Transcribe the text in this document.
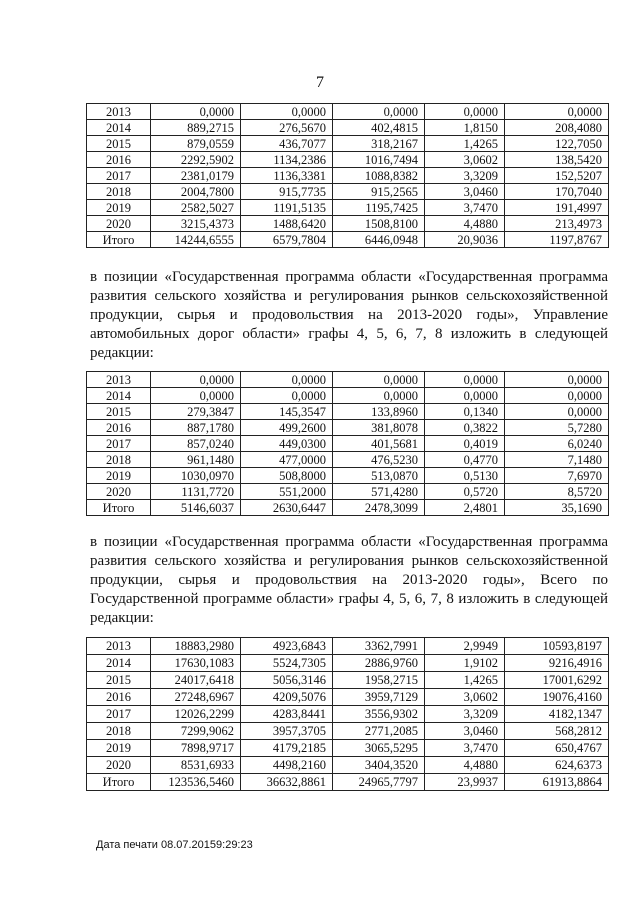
7
2013	0,0000	0,0000	0,0000	0,0000	0,0000
2014	889,2715	276,5670	402,4815	1,8150	208,4080
2015	879,0559	436,7077	318,2167	1,4265	122,7050
2016	2292,5902	1134,2386	1016,7494	3,0602	138,5420
2017	2381,0179	1136,3381	1088,8382	3,3209	152,5207
2018	2004,7800	915,7735	915,2565	3,0460	170,7040
2019	2582,5027	1191,5135	1195,7425	3,7470	191,4997
2020	3215,4373	1488,6420	1508,8100	4,4880	213,4973
Итого	14244,6555	6579,7804	6446,0948	20,9036	1197,8767

в позиции «Государственная программа области «Государственная программа развития сельского хозяйства и регулирования рынков сельскохозяйственной продукции, сырья и продовольствия на 2013-2020 годы», Управление автомобильных дорог области» графы 4, 5, 6, 7, 8 изложить в следующей редакции:

2013	0,0000	0,0000	0,0000	0,0000	0,0000
2014	0,0000	0,0000	0,0000	0,0000	0,0000
2015	279,3847	145,3547	133,8960	0,1340	0,0000
2016	887,1780	499,2600	381,8078	0,3822	5,7280
2017	857,0240	449,0300	401,5681	0,4019	6,0240
2018	961,1480	477,0000	476,5230	0,4770	7,1480
2019	1030,0970	508,8000	513,0870	0,5130	7,6970
2020	1131,7720	551,2000	571,4280	0,5720	8,5720
Итого	5146,6037	2630,6447	2478,3099	2,4801	35,1690

в позиции «Государственная программа области «Государственная программа развития сельского хозяйства и регулирования рынков сельскохозяйственной продукции, сырья и продовольствия на 2013-2020 годы», Всего по Государственной программе области» графы 4, 5, 6, 7, 8 изложить в следующей редакции:

2013	18883,2980	4923,6843	3362,7991	2,9949	10593,8197
2014	17630,1083	5524,7305	2886,9760	1,9102	9216,4916
2015	24017,6418	5056,3146	1958,2715	1,4265	17001,6292
2016	27248,6967	4209,5076	3959,7129	3,0602	19076,4160
2017	12026,2299	4283,8441	3556,9302	3,3209	4182,1347
2018	7299,9062	3957,3705	2771,2085	3,0460	568,2812
2019	7898,9717	4179,2185	3065,5295	3,7470	650,4767
2020	8531,6933	4498,2160	3404,3520	4,4880	624,6373
Итого	123536,5460	36632,8861	24965,7797	23,9937	61913,8864
Дата печати 08.07.20159:29:23
